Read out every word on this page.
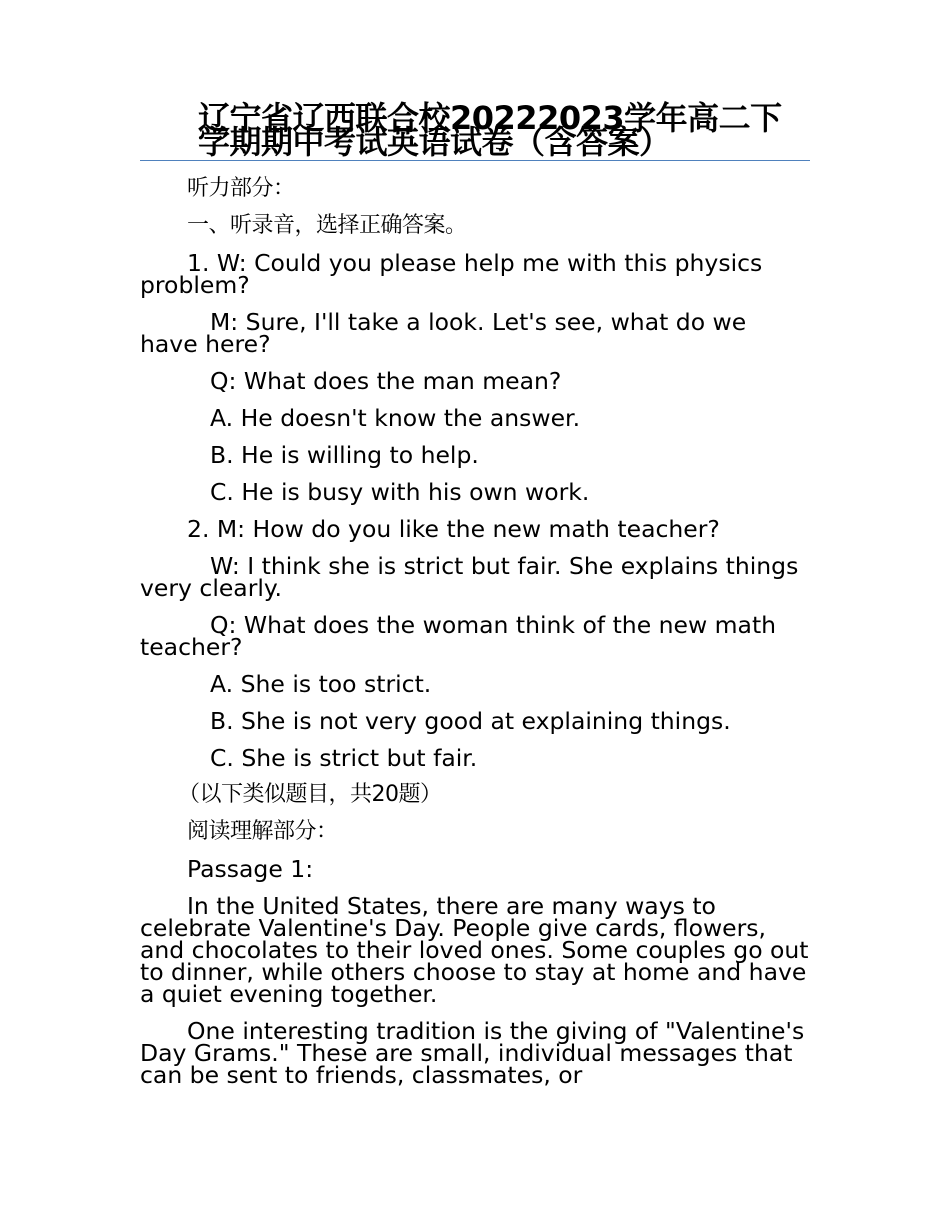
辽宁省辽西联合校20222023学年高二下学期期中考试英语试卷（含答案）

听力部分：

一、听录音，选择正确答案。

1. W: Could you please help me with this physics problem?

M: Sure, I'll take a look. Let's see, what do we have here?

Q: What does the man mean?

A. He doesn't know the answer.

B. He is willing to help.

C. He is busy with his own work.

2. M: How do you like the new math teacher?

W: I think she is strict but fair. She explains things very clearly.

Q: What does the woman think of the new math teacher?

A. She is too strict.

B. She is not very good at explaining things.

C. She is strict but fair.

（以下类似题目，共20题）

阅读理解部分：

Passage 1:

In the United States, there are many ways to celebrate Valentine's Day. People give cards, flowers, and chocolates to their loved ones. Some couples go out to dinner, while others choose to stay at home and have a quiet evening together.

One interesting tradition is the giving of "Valentine's Day Grams." These are small, individual messages that can be sent to friends, classmates, or
